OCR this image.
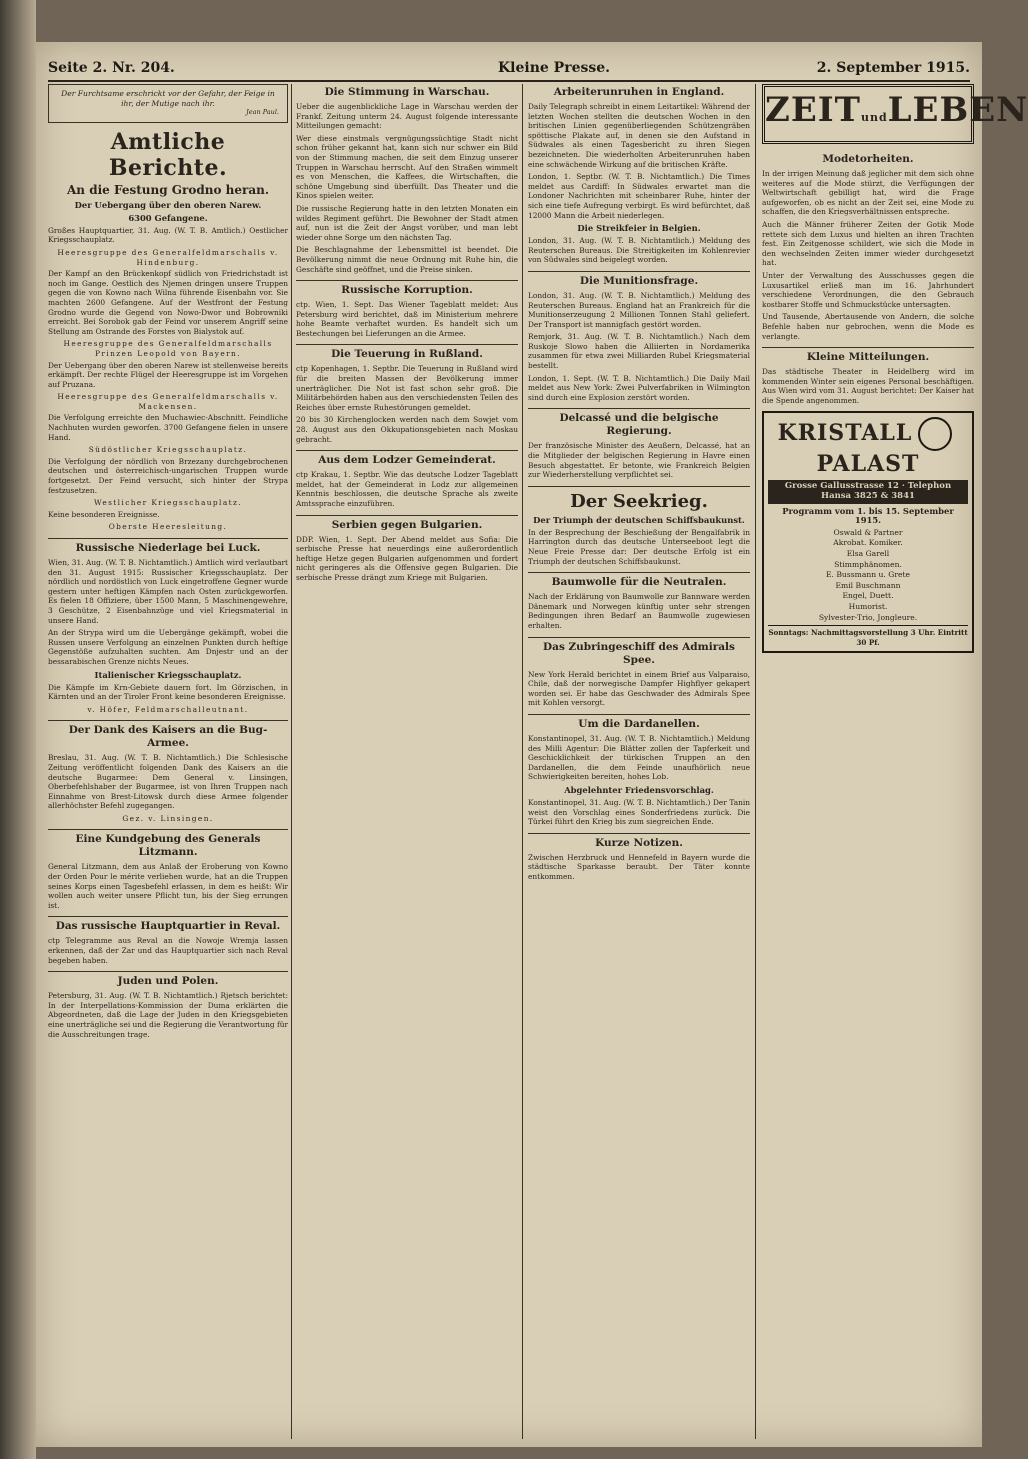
Seite 2. Nr. 204.	Kleine Presse.	2. September 1915.
Der Furchtsame erschrickt vor der Gefahr, der Feige in ihr, der Mutige nach ihr.
Jean Paul.
Amtliche Berichte.
An die Festung Grodno heran.
Der Uebergang über den oberen Narew.
6300 Gefangene.

Großes Hauptquartier, 31. Aug. (W. T. B. Amtlich.) Oestlicher Kriegsschauplatz.

Heeresgruppe des Generalfeldmarschalls v. Hindenburg.

Der Kampf an den Brückenkopf südlich von Friedrichstadt ist noch im Gange. Oestlich des Njemen dringen unsere Truppen gegen die von Kowno nach Wilna führende Eisenbahn vor. Sie machten 2600 Gefangene. Auf der Westfront der Festung Grodno wurde die Gegend von Nowo-Dwor und Bobrowniki erreicht. Bei Sorobok gab der Feind vor unserem Angriff seine Stellung am Ostrande des Forstes von Bialystok auf.

Heeresgruppe des Generalfeldmarschalls Prinzen Leopold von Bayern.

Der Uebergang über den oberen Narew ist stellenweise bereits erkämpft. Der rechte Flügel der Heeresgruppe ist im Vorgehen auf Pruzana.

Heeresgruppe des Generalfeldmarschalls v. Mackensen.

Die Verfolgung erreichte den Muchawiec-Abschnitt. Feindliche Nachhuten wurden geworfen. 3700 Gefangene fielen in unsere Hand.

Südöstlicher Kriegsschauplatz.

Die Verfolgung der nördlich von Brzezany durchgebrochenen deutschen und österreichisch-ungarischen Truppen wurde fortgesetzt. Der Feind versucht, sich hinter der Strypa festzusetzen.

Westlicher Kriegsschauplatz.

Keine besonderen Ereignisse.

Oberste Heeresleitung.
Russische Niederlage bei Luck.

Wien, 31. Aug. (W. T. B. Nichtamtlich.) Amtlich wird verlautbart den 31. August 1915: Russischer Kriegsschauplatz. Der nördlich und nordöstlich von Luck eingetroffene Gegner wurde gestern unter heftigen Kämpfen nach Osten zurückgeworfen. Es fielen 18 Offiziere, über 1500 Mann, 5 Maschinengewehre, 3 Geschütze, 2 Eisenbahnzüge und viel Kriegsmaterial in unsere Hand.

An der Strypa wird um die Uebergänge gekämpft, wobei die Russen unsere Verfolgung an einzelnen Punkten durch heftige Gegenstöße aufzuhalten suchten. Am Dnjestr und an der bessarabischen Grenze nichts Neues.

Italienischer Kriegsschauplatz.

Die Kämpfe im Krn-Gebiete dauern fort. Im Görzischen, in Kärnten und an der Tiroler Front keine besonderen Ereignisse.

v. Höfer, Feldmarschalleutnant.
Der Dank des Kaisers an die Bug-Armee.

Breslau, 31. Aug. (W. T. B. Nichtamtlich.) Die Schlesische Zeitung veröffentlicht folgenden Dank des Kaisers an die deutsche Bugarmee: Dem General v. Linsingen, Oberbefehlshaber der Bugarmee, ist von Ihren Truppen nach Einnahme von Brest-Litowsk durch diese Armee folgender allerhöchster Befehl zugegangen.

Gez. v. Linsingen.
Eine Kundgebung des Generals Litzmann.

General Litzmann, dem aus Anlaß der Eroberung von Kowno der Orden Pour le mérite verliehen wurde, hat an die Truppen seines Korps einen Tagesbefehl erlassen, in dem es heißt: Wir wollen auch weiter unsere Pflicht tun, bis der Sieg errungen ist.

Das russische Hauptquartier in Reval.

ctp Telegramme aus Reval an die Nowoje Wremja lassen erkennen, daß der Zar und das Hauptquartier sich nach Reval begeben haben.

Juden und Polen.

Petersburg, 31. Aug. (W. T. B. Nichtamtlich.) Rjetsch berichtet: In der Interpellations-Kommission der Duma erklärten die Abgeordneten, daß die Lage der Juden in den Kriegsgebieten eine unerträgliche sei und die Regierung die Verantwortung für die Ausschreitungen trage.

Die Stimmung in Warschau.

Ueber die augenblickliche Lage in Warschau werden der Frankf. Zeitung unterm 24. August folgende interessante Mitteilungen gemacht:

Wer diese einstmals vergnügungssüchtige Stadt nicht schon früher gekannt hat, kann sich nur schwer ein Bild von der Stimmung machen, die seit dem Einzug unserer Truppen in Warschau herrscht. Auf den Straßen wimmelt es von Menschen, die Kaffees, die Wirtschaften, die schöne Umgebung sind überfüllt. Das Theater und die Kinos spielen weiter.

Die russische Regierung hatte in den letzten Monaten ein wildes Regiment geführt. Die Bewohner der Stadt atmen auf, nun ist die Zeit der Angst vorüber, und man lebt wieder ohne Sorge um den nächsten Tag.

Die Beschlagnahme der Lebensmittel ist beendet. Die Bevölkerung nimmt die neue Ordnung mit Ruhe hin, die Geschäfte sind geöffnet, und die Preise sinken.

Russische Korruption.

ctp. Wien, 1. Sept. Das Wiener Tageblatt meldet: Aus Petersburg wird berichtet, daß im Ministerium mehrere hohe Beamte verhaftet wurden. Es handelt sich um Bestechungen bei Lieferungen an die Armee.

Die Teuerung in Rußland.

ctp Kopenhagen, 1. Septbr. Die Teuerung in Rußland wird für die breiten Massen der Bevölkerung immer unerträglicher. Die Not ist fast schon sehr groß. Die Militärbehörden haben aus den verschiedensten Teilen des Reiches über ernste Ruhestörungen gemeldet.

20 bis 30 Kirchenglocken werden nach dem Sowjet vom 28. August aus den Okkupationsgebieten nach Moskau gebracht.

Aus dem Lodzer Gemeinderat.

ctp Krakau, 1. Septbr. Wie das deutsche Lodzer Tageblatt meldet, hat der Gemeinderat in Lodz zur allgemeinen Kenntnis beschlossen, die deutsche Sprache als zweite Amtssprache einzuführen.

Serbien gegen Bulgarien.

DDP. Wien, 1. Sept. Der Abend meldet aus Sofia: Die serbische Presse hat neuerdings eine außerordentlich heftige Hetze gegen Bulgarien aufgenommen und fordert nicht geringeres als die Offensive gegen Bulgarien. Die serbische Presse drängt zum Kriege mit Bulgarien.

Arbeiterunruhen in England.

Daily Telegraph schreibt in einem Leitartikel: Während der letzten Wochen stellten die deutschen Wochen in den britischen Linien gegenüberliegenden Schützengräben spöttische Plakate auf, in denen sie den Aufstand in Südwales als einen Tagesbericht zu ihren Siegen bezeichneten. Die wiederholten Arbeiterunruhen haben eine schwächende Wirkung auf die britischen Kräfte.

London, 1. Septbr. (W. T. B. Nichtamtlich.) Die Times meldet aus Cardiff: In Südwales erwartet man die Londoner Nachrichten mit scheinbarer Ruhe, hinter der sich eine tiefe Aufregung verbirgt. Es wird befürchtet, daß 12000 Mann die Arbeit niederlegen.

Die Streikfeier in Belgien.

London, 31. Aug. (W. T. B. Nichtamtlich.) Meldung des Reuterschen Bureaus. Die Streitigkeiten im Kohlenrevier von Südwales sind beigelegt worden.

Die Munitionsfrage.

London, 31. Aug. (W. T. B. Nichtamtlich.) Meldung des Reuterschen Bureaus. England hat an Frankreich für die Munitionserzeugung 2 Millionen Tonnen Stahl geliefert. Der Transport ist mannigfach gestört worden.

Remjork, 31. Aug. (W. T. B. Nichtamtlich.) Nach dem Ruskoje Slowo haben die Alliierten in Nordamerika zusammen für etwa zwei Milliarden Rubel Kriegsmaterial bestellt.

London, 1. Sept. (W. T. B. Nichtamtlich.) Die Daily Mail meldet aus New York: Zwei Pulverfabriken in Wilmington sind durch eine Explosion zerstört worden.

Delcassé und die belgische Regierung.

Der französische Minister des Aeußern, Delcassé, hat an die Mitglieder der belgischen Regierung in Havre einen Besuch abgestattet. Er betonte, wie Frankreich Belgien zur Wiederherstellung verpflichtet sei.

Der Seekrieg.
Der Triumph der deutschen Schiffsbaukunst.

In der Besprechung der Beschießung der Bengalfabrik in Harrington durch das deutsche Unterseeboot legt die Neue Freie Presse dar: Der deutsche Erfolg ist ein Triumph der deutschen Schiffsbaukunst.

Baumwolle für die Neutralen.

Nach der Erklärung von Baumwolle zur Bannware werden Dänemark und Norwegen künftig unter sehr strengen Bedingungen ihren Bedarf an Baumwolle zugewiesen erhalten.

Das Zubringeschiff des Admirals Spee.

New York Herald berichtet in einem Brief aus Valparaiso, Chile, daß der norwegische Dampfer Highflyer gekapert worden sei. Er habe das Geschwader des Admirals Spee mit Kohlen versorgt.

Um die Dardanellen.

Konstantinopel, 31. Aug. (W. T. B. Nichtamtlich.) Meldung des Milli Agentur: Die Blätter zollen der Tapferkeit und Geschicklichkeit der türkischen Truppen an den Dardanellen, die dem Feinde unaufhörlich neue Schwierigkeiten bereiten, hohes Lob.

Abgelehnter Friedensvorschlag.

Konstantinopel, 31. Aug. (W. T. B. Nichtamtlich.) Der Tanin weist den Vorschlag eines Sonderfriedens zurück. Die Türkei führt den Krieg bis zum siegreichen Ende.

Kurze Notizen.

Zwischen Herzbruck und Hennefeld in Bayern wurde die städtische Sparkasse beraubt. Der Täter konnte entkommen.

ZEITundLEBEN
Modetorheiten.

In der irrigen Meinung daß jeglicher mit dem sich ohne weiteres auf die Mode stürzt, die Verfügungen der Weltwirtschaft gebilligt hat, wird die Frage aufgeworfen, ob es nicht an der Zeit sei, eine Mode zu schaffen, die den Kriegsverhältnissen entspreche.

Auch die Männer früherer Zeiten der Gotik Mode rettete sich dem Luxus und hielten an ihren Trachten fest. Ein Zeitgenosse schildert, wie sich die Mode in den wechselnden Zeiten immer wieder durchgesetzt hat.

Unter der Verwaltung des Ausschusses gegen die Luxusartikel erließ man im 16. Jahrhundert verschiedene Verordnungen, die den Gebrauch kostbarer Stoffe und Schmuckstücke untersagten.

Und Tausende, Abertausende von Andern, die solche Befehle haben nur gebrochen, wenn die Mode es verlangte.

Kleine Mitteilungen.

Das städtische Theater in Heidelberg wird im kommenden Winter sein eigenes Personal beschäftigen. Aus Wien wird vom 31. August berichtet: Der Kaiser hat die Spende angenommen.

KRISTALLPALAST
Grosse Gallusstrasse 12 · Telephon Hansa 3825 & 3841
Programm vom 1. bis 15. September 1915.
Oswald & Partner
Akrobat. Komiker.
Elsa Garell
Stimmphänomen.
E. Bussmann u. Grete
Emil Buschmann
Engel, Duett.
Humorist.
Sylvester-Trio, Jongleure.
Sonntags: Nachmittagsvorstellung 3 Uhr. Eintritt 30 Pf.
